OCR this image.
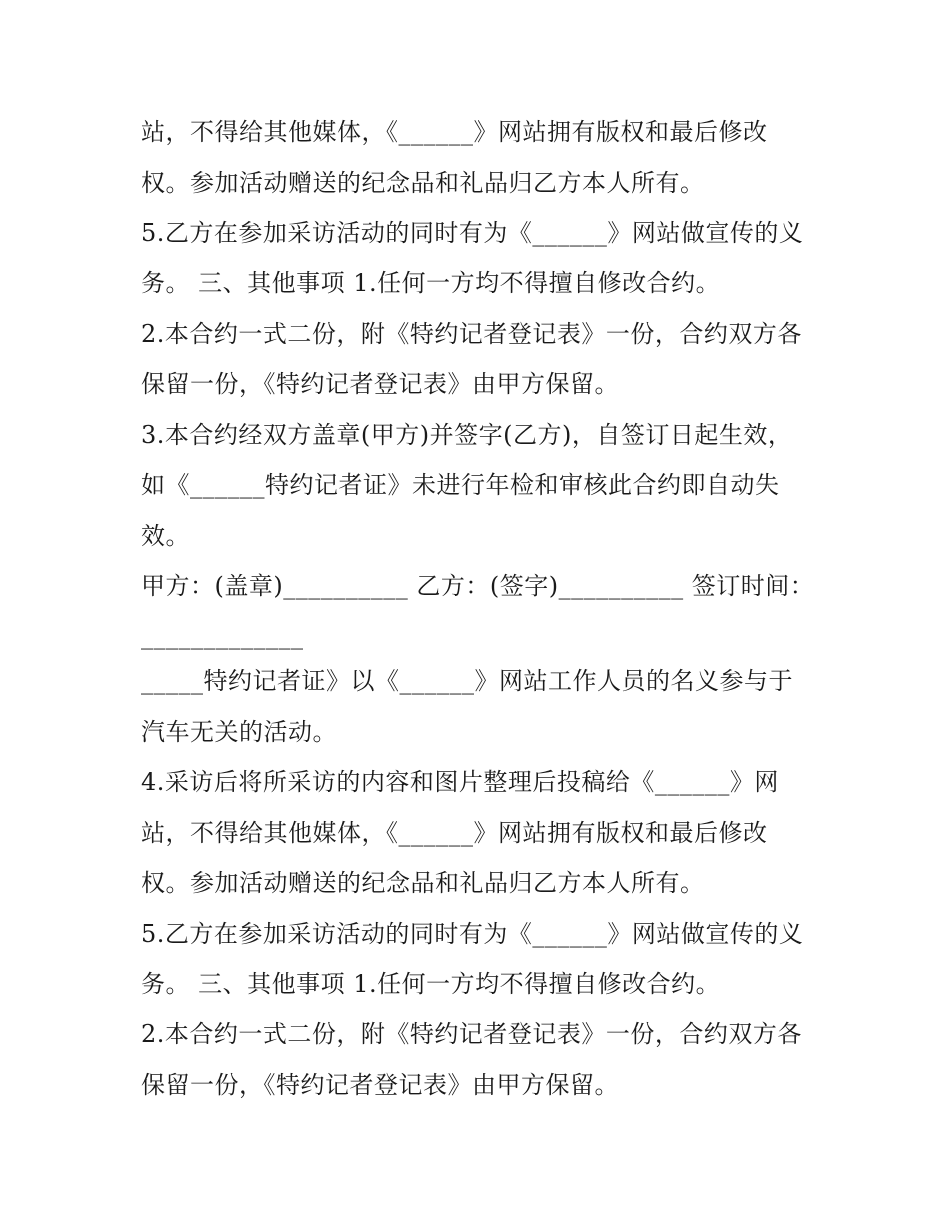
站，不得给其他媒体，《______》网站拥有版权和最后修改

权。参加活动赠送的纪念品和礼品归乙方本人所有。

5.乙方在参加采访活动的同时有为《______》网站做宣传的义

务。 三、其他事项 1.任何一方均不得擅自修改合约。

2.本合约一式二份，附《特约记者登记表》一份，合约双方各

保留一份，《特约记者登记表》由甲方保留。

3.本合约经双方盖章(甲方)并签字(乙方)，自签订日起生效，

如《______特约记者证》未进行年检和审核此合约即自动失

效。

甲方：(盖章)__________ 乙方：(签字)__________ 签订时间：

_____________

_____特约记者证》以《______》网站工作人员的名义参与于

汽车无关的活动。

4.采访后将所采访的内容和图片整理后投稿给《______》网

站，不得给其他媒体，《______》网站拥有版权和最后修改

权。参加活动赠送的纪念品和礼品归乙方本人所有。

5.乙方在参加采访活动的同时有为《______》网站做宣传的义

务。 三、其他事项 1.任何一方均不得擅自修改合约。

2.本合约一式二份，附《特约记者登记表》一份，合约双方各

保留一份，《特约记者登记表》由甲方保留。
